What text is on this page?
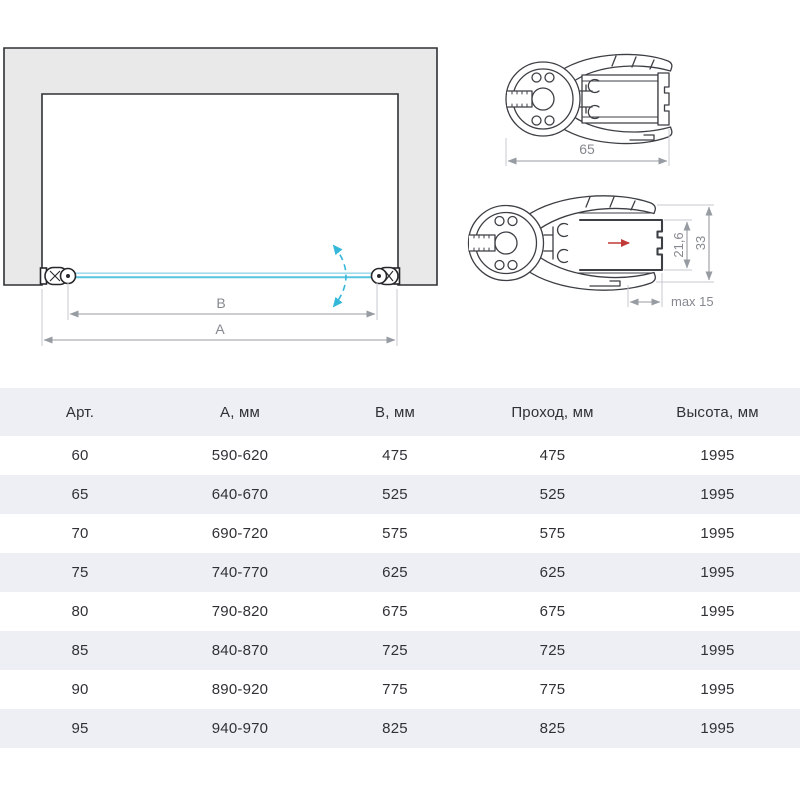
В
А
65
21,6 33
max 15
Арт.	А, мм	В, мм	Проход, мм	Высота, мм
60	590-620	475	475	1995
65	640-670	525	525	1995
70	690-720	575	575	1995
75	740-770	625	625	1995
80	790-820	675	675	1995
85	840-870	725	725	1995
90	890-920	775	775	1995
95	940-970	825	825	1995
